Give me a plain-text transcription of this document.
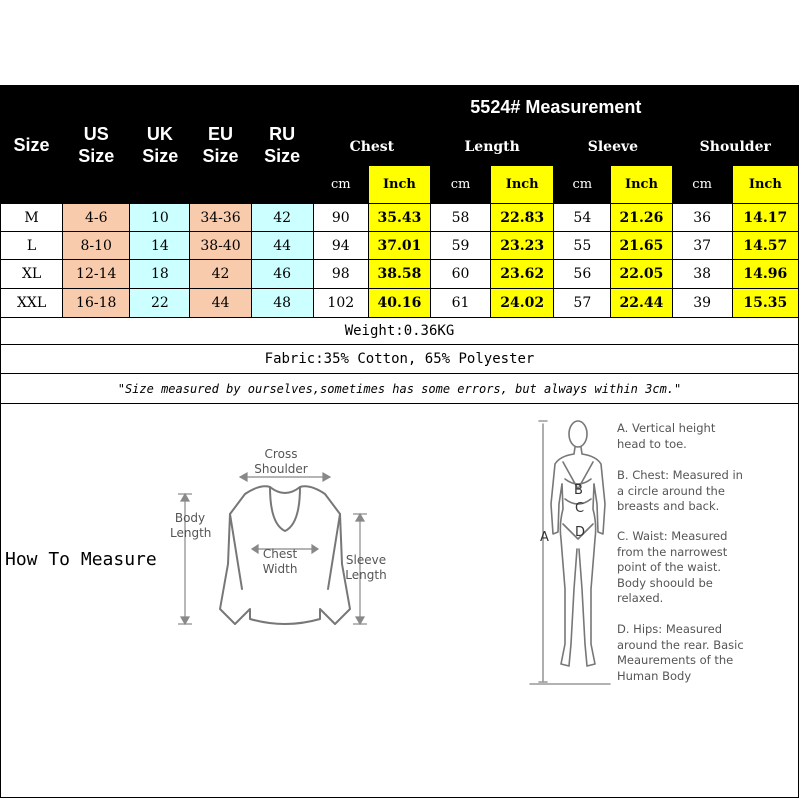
Size	US Size	UK Size	EU Size	RU Size	5524# Measurement							
					Chest		Length		Sleeve		Shoulder	
					cm	Inch	cm	Inch	cm	Inch	cm	Inch
M	4-6	10	34-36	42	90	35.43	58	22.83	54	21.26	36	14.17
L	8-10	14	38-40	44	94	37.01	59	23.23	55	21.65	37	14.57
XL	12-14	18	42	46	98	38.58	60	23.62	56	22.05	38	14.96
XXL	16-18	22	44	48	102	40.16	61	24.02	57	22.44	39	15.35
Weight:0.36KG												
Fabric:35% Cotton, 65% Polyester												
"Size measured by ourselves,sometimes has some errors, but always within 3cm."												
How To Measure
Cross Shoulder
Body Length
Chest Width
Sleeve Length
A
B
C
D
A. Vertical height head to toe.
B. Chest: Measured in a circle around the breasts and back.
C. Waist: Measured from the narrowest point of the waist. Body shoould be relaxed.
D. Hips: Measured around the rear. Basic Meaurements of the Human Body
